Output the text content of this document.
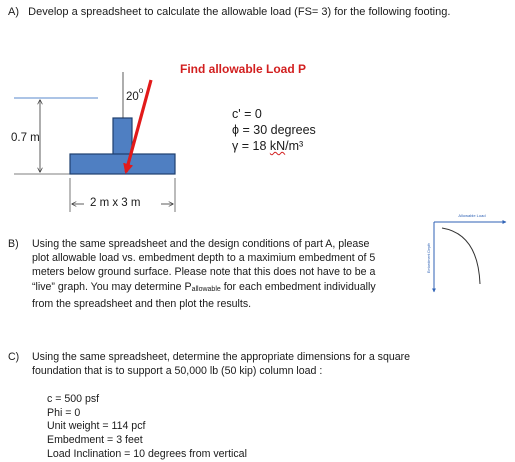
A) Develop a spreadsheet to calculate the allowable load (FS= 3) for the following footing.
Find allowable Load P
20$^o$
0.7 m
2 m x 3 m
c' = 0
ϕ = 30 degrees
γ = 18 kN/m³
Allowable Load
Embedment Depth
B) Using the same spreadsheet and the design conditions of part A, please
plot allowable load vs. embedment depth to a maximium embedment of 5
meters below ground surface. Please note that this does not have to be a
“live” graph. You may determine $P_{allowable}$ for each embedment individually
from the spreadsheet and then plot the results.
C) Using the same spreadsheet, determine the appropriate dimensions for a square
foundation that is to support a 50,000 lb (50 kip) column load :
c = 500 psf
Phi = 0
Unit weight = 114 pcf
Embedment = 3 feet
Load Inclination = 10 degrees from vertical
